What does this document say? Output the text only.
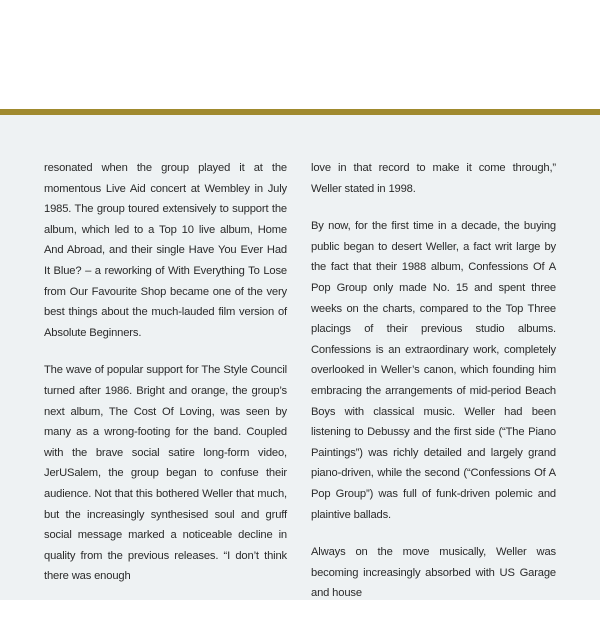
resonated when the group played it at the momentous Live Aid concert at Wembley in July 1985. The group toured extensively to support the album, which led to a Top 10 live album, Home And Abroad, and their single Have You Ever Had It Blue? – a reworking of With Everything To Lose from Our Favourite Shop became one of the very best things about the much-lauded film version of Absolute Beginners.

The wave of popular support for The Style Council turned after 1986. Bright and orange, the group’s next album, The Cost Of Loving, was seen by many as a wrong-footing for the band. Coupled with the brave social satire long-form video, JerUSalem, the group began to confuse their audience. Not that this bothered Weller that much, but the increasingly synthesised soul and gruff social message marked a noticeable decline in quality from the previous releases. “I don’t think there was enough

love in that record to make it come through,” Weller stated in 1998.

By now, for the first time in a decade, the buying public began to desert Weller, a fact writ large by the fact that their 1988 album, Confessions Of A Pop Group only made No. 15 and spent three weeks on the charts, compared to the Top Three placings of their previous studio albums. Confessions is an extraordinary work, completely overlooked in Weller’s canon, which founding him embracing the arrangements of mid-period Beach Boys with classical music. Weller had been listening to Debussy and the first side (“The Piano Paintings”) was richly detailed and largely grand piano-driven, while the second (“Confessions Of A Pop Group”) was full of funk-driven polemic and plaintive ballads.

Always on the move musically, Weller was becoming increasingly absorbed with US Garage and house
